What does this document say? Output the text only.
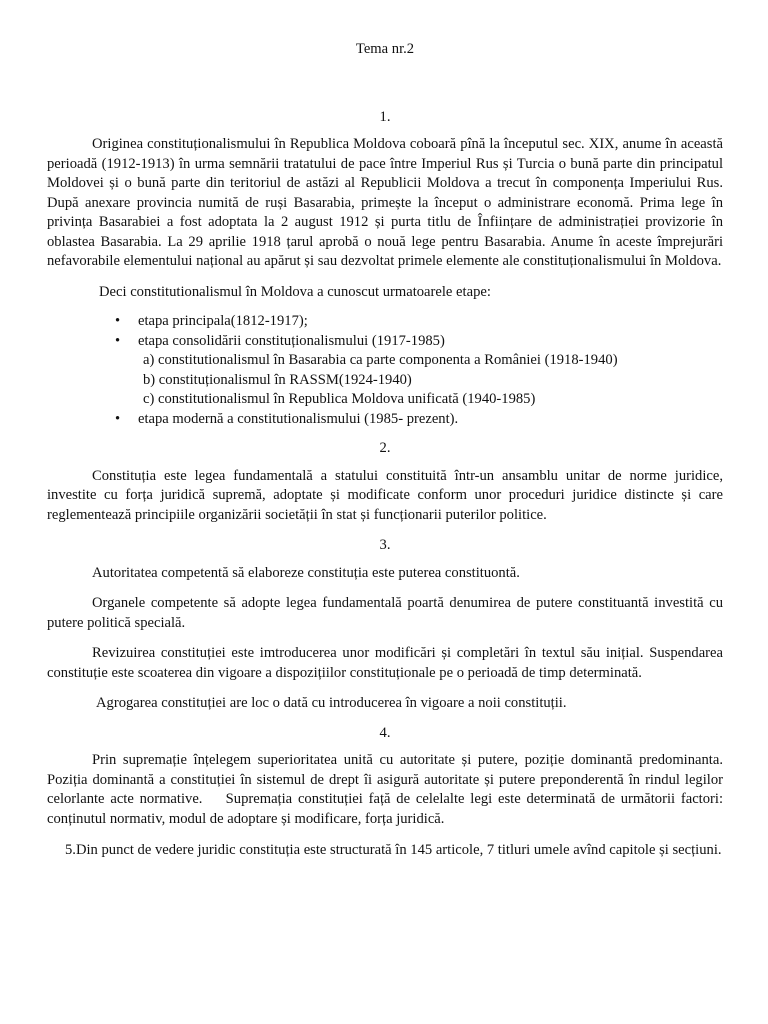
Tema nr.2

1.

Originea constituționalismului în Republica Moldova coboară pînă la începutul sec. XIX, anume în această perioadă (1912-1913) în urma semnării tratatului de pace între Imperiul Rus și Turcia o bună parte din principatul Moldovei și o bună parte din teritoriul de astăzi al Republicii Moldova a trecut în componența Imperiului Rus. După anexare provincia numită de ruși Basarabia, primește la început o administrare economă. Prima lege în privința Basarabiei a fost adoptata la 2 august 1912 și purta titlu de Înființare de administrației provizorie în oblastea Basarabia. La 29 aprilie 1918 țarul aprobă o nouă lege pentru Basarabia. Anume în aceste împrejurări nefavorabile elementului național au apărut și sau dezvoltat primele elemente ale constituționalismului în Moldova.

Deci constitutionalismul în Moldova a cunoscut urmatoarele etape:

• etapa principala(1812-1917);
• etapa consolidării constituționalismului (1917-1985)
a) constitutionalismul în Basarabia ca parte componenta a României (1918-1940)
b) constituționalismul în RASSM(1924-1940)
c) constitutionalismul în Republica Moldova unificată (1940-1985)
• etapa modernă a constitutionalismului (1985- prezent).

2.

Constituția este legea fundamentală a statului constituită într-un ansamblu unitar de norme juridice, investite cu forța juridică supremă, adoptate și modificate conform unor proceduri juridice distincte și care reglementează principiile organizării societății în stat și funcționarii puterilor politice.

3.

Autoritatea competentă să elaboreze constituția este puterea constituontă.

Organele competente să adopte legea fundamentală poartă denumirea de putere constituantă investită cu putere politică specială.

Revizuirea constituției este imtroducerea unor modificări și completări în textul său inițial. Suspendarea constituție este scoaterea din vigoare a dispozițiilor constituționale pe o perioadă de timp determinată.

Agrogarea constituției are loc o dată cu introducerea în vigoare a noii constituții.

4.

Prin supremație înțelegem superioritatea unită cu autoritate și putere, poziție dominantă predominanta.        Poziția dominantă a constituției în sistemul de drept îi asigură autoritate și putere preponderentă în rindul legilor celorlante acte normative.    Supremația constituției față de celelalte legi este determinată de următorii factori: conținutul normativ, modul de adoptare și modificare, forța juridică.

5.Din punct de vedere juridic constituția este structurată în 145 articole, 7 titluri umele avînd capitole și secțiuni.
